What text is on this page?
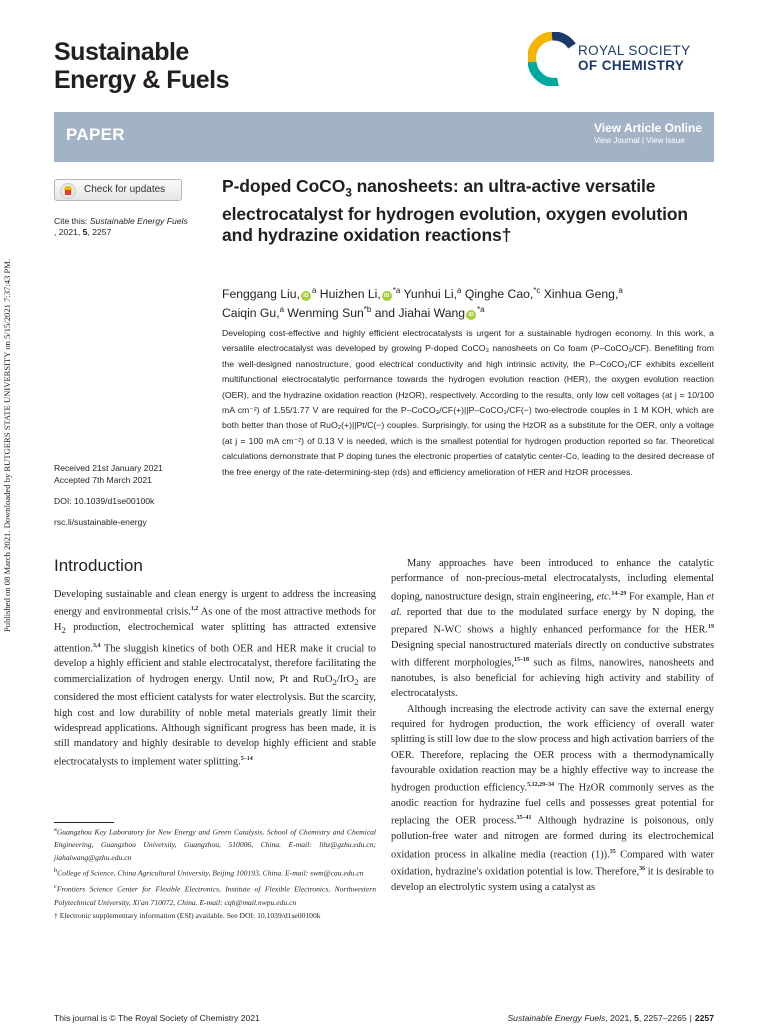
Published on 08 March 2021. Downloaded by RUTGERS STATE UNIVERSITY on 5/15/2021 7:37:43 PM.
Sustainable
Energy & Fuels
ROYAL SOCIETY
OF CHEMISTRY
PAPER	View Article Online
View Journal | View Issue
Check for updates
Cite this: Sustainable Energy Fuels
, 2021, 5, 2257
P-doped CoCO$_3$ nanosheets: an ultra-active versatile electrocatalyst for hydrogen evolution, oxygen evolution and hydrazine oxidation reactions†
Fenggang Liu, $iD^a$ Huizhen Li, $iD^{*a}$ Yunhui Li,$^a$ Qinghe Cao,$^{*c}$ Xinhua Geng,$^a$
Caiqin Gu,$^a$ Wenming Sun$^{*b}$ and Jiahai Wang $iD^{*a}$
Developing cost-effective and highly efficient electrocatalysts is urgent for a sustainable hydrogen economy. In this work, a versatile electrocatalyst was developed by growing P-doped CoCO₃ nanosheets on Co foam (P–CoCO₃/CF). Benefiting from the well-designed nanostructure, good electrical conductivity and high intrinsic activity, the P–CoCO₃/CF exhibits excellent multifunctional electrocatalytic performance towards the hydrogen evolution reaction (HER), the oxygen evolution reaction (OER), and the hydrazine oxidation reaction (HzOR), respectively. According to the results, only low cell voltages (at j = 10/100 mA cm⁻²) of 1.55/1.77 V are required for the P–CoCO₃/CF(+)||P–CoCO₃/CF(−) two-electrode couples in 1 M KOH, which are both better than those of RuO₂(+)||Pt/C(−) couples. Surprisingly, for using the HzOR as a substitute for the OER, only a voltage (at j = 100 mA cm⁻²) of 0.13 V is needed, which is the smallest potential for hydrogen production reported so far. Theoretical calculations demonstrate that P doping tunes the electronic properties of catalytic center-Co, leading to the desired decrease of the free energy of the rate-determining-step (rds) and efficiency amelioration of HER and HzOR processes.
Received 21st January 2021
Accepted 7th March 2021
DOI: 10.1039/d1se00100k
rsc.li/sustainable-energy
Introduction
Developing sustainable and clean energy is urgent to address the increasing energy and environmental crisis.$^{1,2}$ As one of the most attractive methods for $H_2$ production, electrochemical water splitting has attracted extensive attention.$^{3,4}$ The sluggish kinetics of both OER and HER make it crucial to develop a highly efficient and stable electrocatalyst, therefore facilitating the commercialization of hydrogen energy. Until now, Pt and RuO$_2$/IrO$_2$ are considered the most efficient catalysts for water electrolysis. But the scarcity, high cost and low durability of noble metal materials greatly limit their widespread applications. Although significant progress has been made, it is still mandatory and highly desirable to develop highly efficient and stable electrocatalysts to implement water splitting.$^{5-14}$

Many approaches have been introduced to enhance the catalytic performance of non-precious-metal electrocatalysts, including elemental doping, nanostructure design, strain engineering, etc.$^{14-29}$ For example, Han et al. reported that due to the modulated surface energy by N doping, the prepared N-WC shows a highly enhanced performance for the HER.$^{19}$ Designing special nanostructured materials directly on conductive substrates with different morphologies,$^{15-18}$ such as films, nanowires, nanosheets and nanotubes, is also beneficial for achieving high activity and stability of electrocatalysts.

Although increasing the electrode activity can save the external energy required for hydrogen production, the work efficiency of overall water splitting is still low due to the slow process and high activation barriers of the OER. Therefore, replacing the OER process with a thermodynamically favourable oxidation reaction may be a highly effective way to increase the hydrogen production efficiency.$^{5,12,29-34}$ The HzOR commonly serves as the anodic reaction for hydrazine fuel cells and possesses great potential for replacing the OER process.$^{35-41}$ Although hydrazine is poisonous, only pollution-free water and nitrogen are formed during its electrochemical oxidation process in alkaline media (reaction (1)).$^{35}$ Compared with water oxidation, hydrazine's oxidation potential is low. Therefore,$^{36}$ it is desirable to develop an electrolytic system using a catalyst as

$^a$Guangzhou Key Laboratory for New Energy and Green Catalysis, School of Chemistry and Chemical Engineering, Guangzhou University, Guangzhou, 510006, China. E-mail: lihz@gzhu.edu.cn; jiahaiwang@gzhu.edu.cn

$^b$College of Science, China Agricultural University, Beijing 100193, China. E-mail: swm@cau.edu.cn

$^c$Frontiers Science Center for Flexible Electronics, Institute of Flexible Electronics, Northwestern Polytechnical University, Xi'an 710072, China. E-mail: cqh@mail.nwpu.edu.cn

† Electronic supplementary information (ESI) available. See DOI: 10.1039/d1se00100k

This journal is © The Royal Society of Chemistry 2021	Sustainable Energy Fuels, 2021, 5, 2257–2265 | 2257
